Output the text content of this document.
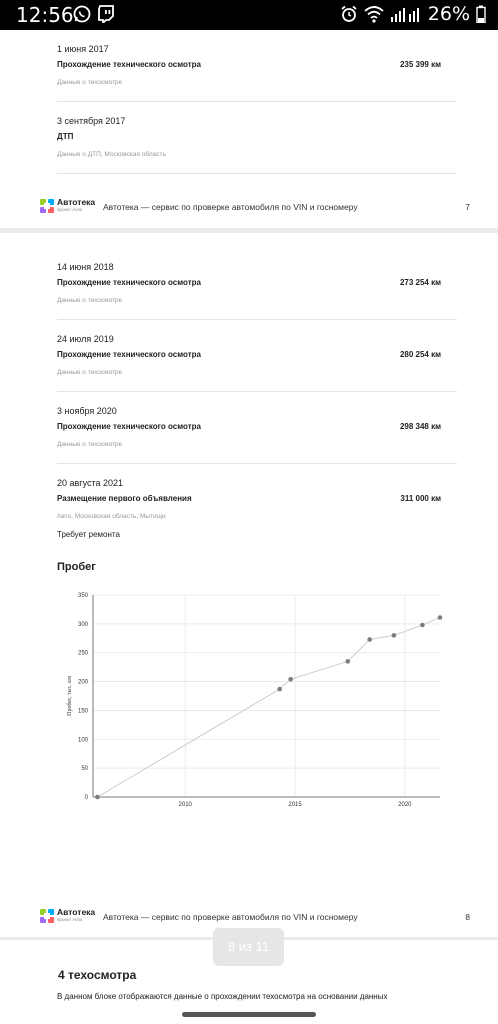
12:56	26%
1 июня 2017
Прохождение технического осмотра	235 399 км
Данные о техосмотре
3 сентября 2017
ДТП
Данные о ДТП, Московская область
Автотека
проект Avito	Автотека — сервис по проверке автомобиля по VIN и госномеру	7
14 июня 2018
Прохождение технического осмотра	273 254 км
Данные о техосмотре
24 июля 2019
Прохождение технического осмотра	280 254 км
Данные о техосмотре
3 ноября 2020
Прохождение технического осмотра	298 348 км
Данные о техосмотре
20 августа 2021
Размещение первого объявления	311 000 км
Авто, Московская область, Мытищи
Требует ремонта
Пробег
0
50
100
150
200
250
300
350
2010	2015	2020
Пробег, тыс. км
Автотека
проект Avito	Автотека — сервис по проверке автомобиля по VIN и госномеру	8
4 техосмотра
В данном блоке отображаются данные о прохождении техосмотра на основании данных
8 из 11
